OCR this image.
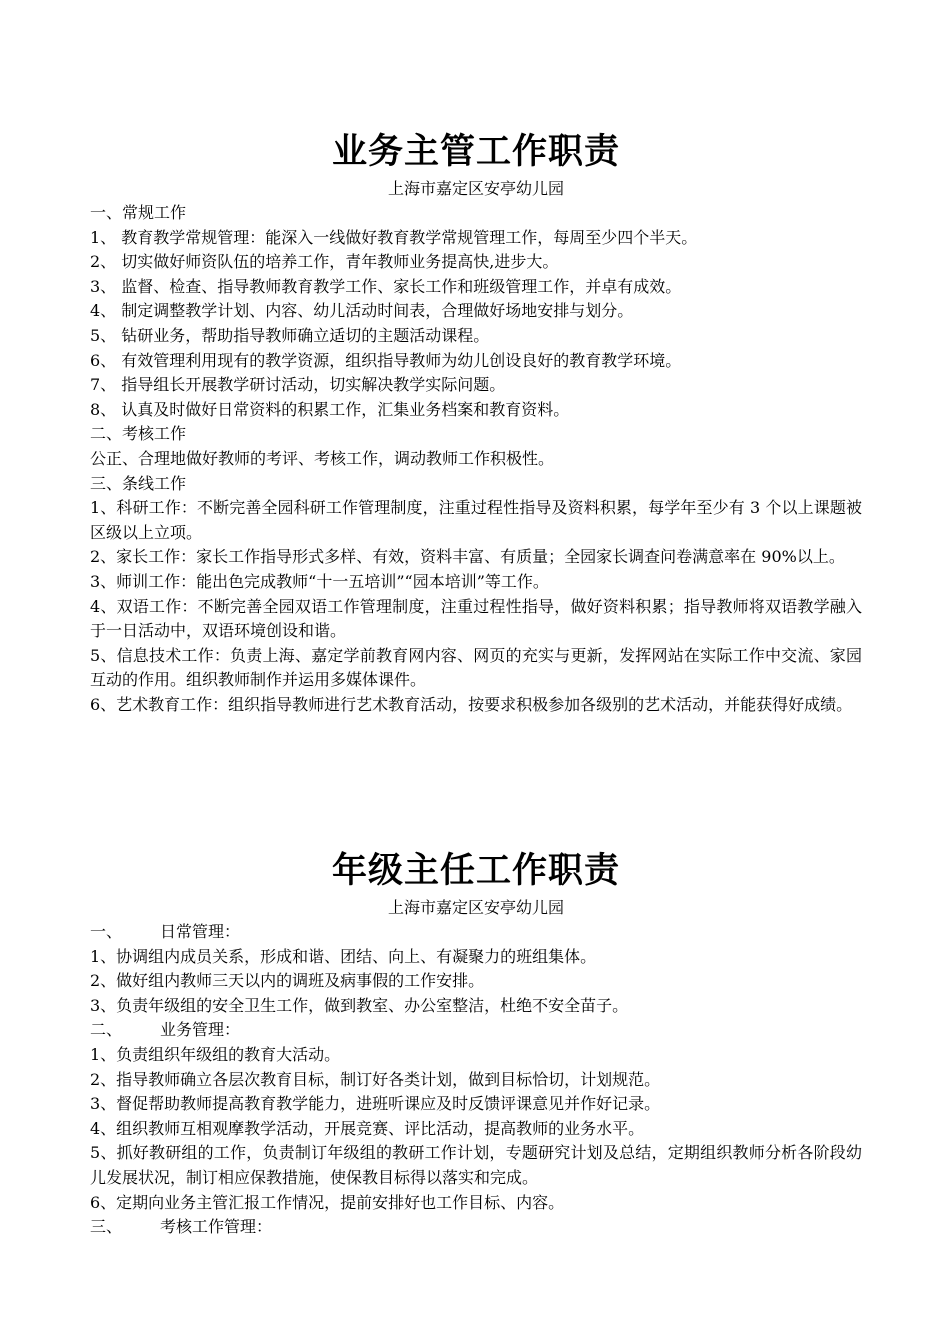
业务主管工作职责

上海市嘉定区安亭幼儿园

一、常规工作

1、 教育教学常规管理：能深入一线做好教育教学常规管理工作，每周至少四个半天。

2、 切实做好师资队伍的培养工作，青年教师业务提高快,进步大。

3、 监督、检查、指导教师教育教学工作、家长工作和班级管理工作，并卓有成效。

4、 制定调整教学计划、内容、幼儿活动时间表，合理做好场地安排与划分。

5、 钻研业务，帮助指导教师确立适切的主题活动课程。

6、 有效管理利用现有的教学资源，组织指导教师为幼儿创设良好的教育教学环境。

7、 指导组长开展教学研讨活动，切实解决教学实际问题。

8、 认真及时做好日常资料的积累工作，汇集业务档案和教育资料。

二、考核工作

公正、合理地做好教师的考评、考核工作，调动教师工作积极性。

三、条线工作

1、科研工作：不断完善全园科研工作管理制度，注重过程性指导及资料积累，每学年至少有 3 个以上课题被区级以上立项。

2、家长工作：家长工作指导形式多样、有效，资料丰富、有质量；全园家长调查问卷满意率在 90%以上。

3、师训工作：能出色完成教师“十一五培训”“园本培训”等工作。

4、双语工作：不断完善全园双语工作管理制度，注重过程性指导，做好资料积累；指导教师将双语教学融入于一日活动中，双语环境创设和谐。

5、信息技术工作：负责上海、嘉定学前教育网内容、网页的充实与更新，发挥网站在实际工作中交流、家园互动的作用。组织教师制作并运用多媒体课件。

6、艺术教育工作：组织指导教师进行艺术教育活动，按要求积极参加各级别的艺术活动，并能获得好成绩。

年级主任工作职责

上海市嘉定区安亭幼儿园

一、 日常管理：

1、协调组内成员关系，形成和谐、团结、向上、有凝聚力的班组集体。

2、做好组内教师三天以内的调班及病事假的工作安排。

3、负责年级组的安全卫生工作，做到教室、办公室整洁，杜绝不安全苗子。

二、 业务管理：

1、负责组织年级组的教育大活动。

2、指导教师确立各层次教育目标，制订好各类计划，做到目标恰切，计划规范。

3、督促帮助教师提高教育教学能力，进班听课应及时反馈评课意见并作好记录。

4、组织教师互相观摩教学活动，开展竞赛、评比活动，提高教师的业务水平。

5、抓好教研组的工作，负责制订年级组的教研工作计划，专题研究计划及总结，定期组织教师分析各阶段幼儿发展状况，制订相应保教措施，使保教目标得以落实和完成。

6、定期向业务主管汇报工作情况，提前安排好也工作目标、内容。

三、 考核工作管理：
